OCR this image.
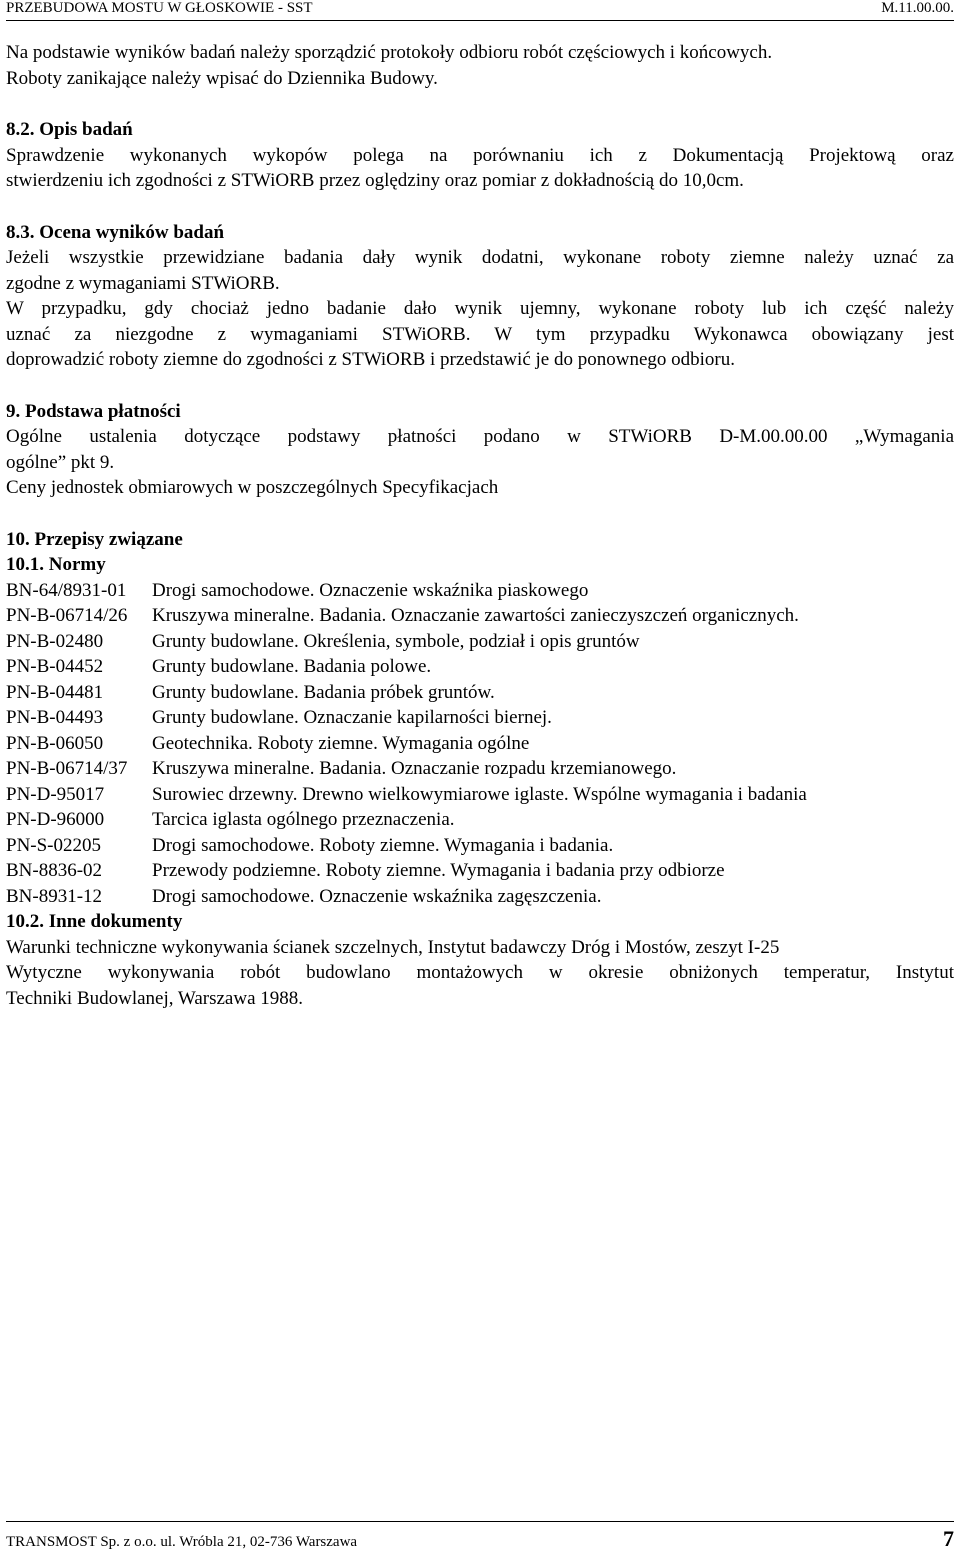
PRZEBUDOWA MOSTU W GŁOSKOWIE - SST	M.11.00.00.

Na podstawie wyników badań należy sporządzić protokoły odbioru robót częściowych i końcowych.

Roboty zanikające należy wpisać do Dziennika Budowy.

8.2. Opis badań

Sprawdzenie wykonanych wykopów polega na porównaniu ich z Dokumentacją Projektową oraz

stwierdzeniu ich zgodności z STWiORB przez oględziny oraz pomiar z dokładnością do 10,0cm.

8.3. Ocena wyników badań

Jeżeli wszystkie przewidziane badania dały wynik dodatni, wykonane roboty ziemne należy uznać za

zgodne z wymaganiami STWiORB.

W przypadku, gdy chociaż jedno badanie dało wynik ujemny, wykonane roboty lub ich część należy

uznać za niezgodne z wymaganiami STWiORB. W tym przypadku Wykonawca obowiązany jest

doprowadzić roboty ziemne do zgodności z STWiORB i przedstawić je do ponownego odbioru.

9. Podstawa płatności

Ogólne ustalenia dotyczące podstawy płatności podano w STWiORB D-M.00.00.00 „Wymagania

ogólne” pkt 9.

Ceny jednostek obmiarowych w poszczególnych Specyfikacjach

10. Przepisy związane

10.1. Normy

BN-64/8931-01 Drogi samochodowe. Oznaczenie wskaźnika piaskowego
PN-B-06714/26 Kruszywa mineralne. Badania. Oznaczanie zawartości zanieczyszczeń organicznych.
PN-B-02480	Grunty budowlane. Określenia, symbole, podział i opis gruntów
PN-B-04452	Grunty budowlane. Badania polowe.
PN-B-04481	Grunty budowlane. Badania próbek gruntów.
PN-B-04493	Grunty budowlane. Oznaczanie kapilarności biernej.
PN-B-06050	Geotechnika. Roboty ziemne. Wymagania ogólne
PN-B-06714/37 Kruszywa mineralne. Badania. Oznaczanie rozpadu krzemianowego.
PN-D-95017	Surowiec drzewny. Drewno wielkowymiarowe iglaste. Wspólne wymagania i badania
PN-D-96000	Tarcica iglasta ogólnego przeznaczenia.
PN-S-02205	Drogi samochodowe. Roboty ziemne. Wymagania i badania.
BN-8836-02	Przewody podziemne. Roboty ziemne. Wymagania i badania przy odbiorze
BN-8931-12	Drogi samochodowe. Oznaczenie wskaźnika zagęszczenia.

10.2. Inne dokumenty

Warunki techniczne wykonywania ścianek szczelnych, Instytut badawczy Dróg i Mostów, zeszyt I-25

Wytyczne wykonywania robót budowlano montażowych w okresie obniżonych temperatur, Instytut

Techniki Budowlanej, Warszawa 1988.

TRANSMOST Sp. z o.o. ul. Wróbla 21, 02-736 Warszawa	7
